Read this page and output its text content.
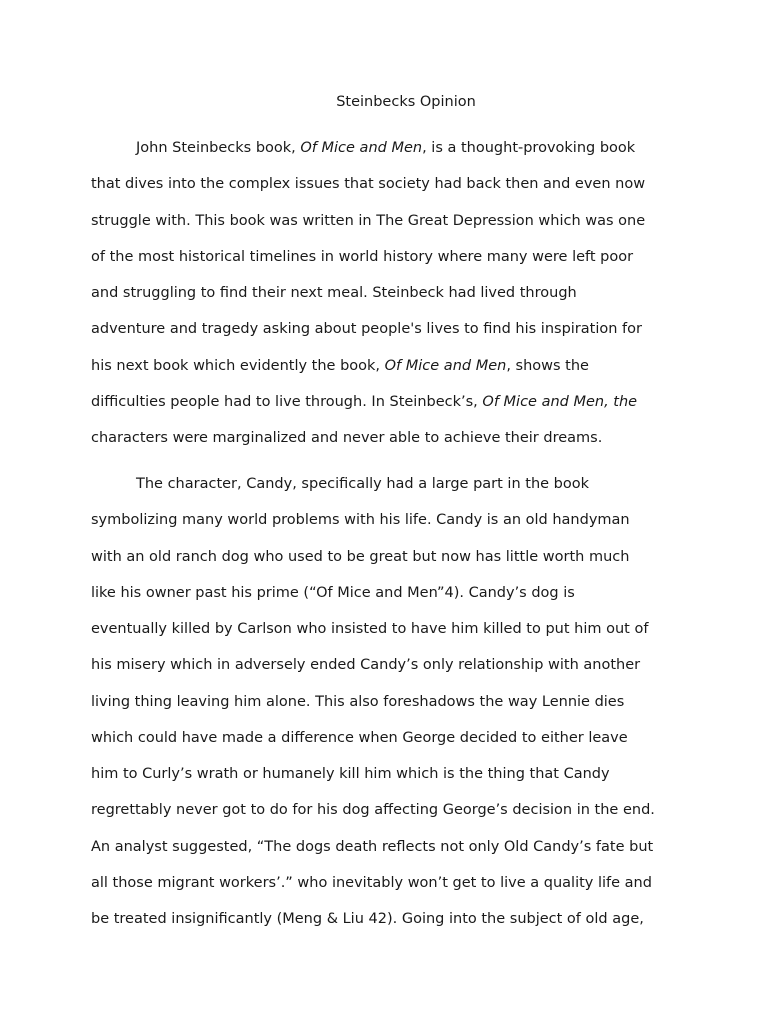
Steinbecks Opinion

John Steinbecks book, Of Mice and Men, is a thought-provoking book

that dives into the complex issues that society had back then and even now

struggle with. This book was written in The Great Depression which was one

of the most historical timelines in world history where many were left poor

and struggling to find their next meal. Steinbeck had lived through

adventure and tragedy asking about people's lives to find his inspiration for

his next book which evidently the book, Of Mice and Men, shows the

difficulties people had to live through. In Steinbeck’s, Of Mice and Men, the

characters were marginalized and never able to achieve their dreams.

The character, Candy, specifically had a large part in the book

symbolizing many world problems with his life. Candy is an old handyman

with an old ranch dog who used to be great but now has little worth much

like his owner past his prime (“Of Mice and Men”4). Candy’s dog is

eventually killed by Carlson who insisted to have him killed to put him out of

his misery which in adversely ended Candy’s only relationship with another

living thing leaving him alone. This also foreshadows the way Lennie dies

which could have made a difference when George decided to either leave

him to Curly’s wrath or humanely kill him which is the thing that Candy

regrettably never got to do for his dog affecting George’s decision in the end.

An analyst suggested, “The dogs death reflects not only Old Candy’s fate but

all those migrant workers’.” who inevitably won’t get to live a quality life and

be treated insignificantly (Meng & Liu 42). Going into the subject of old age,
